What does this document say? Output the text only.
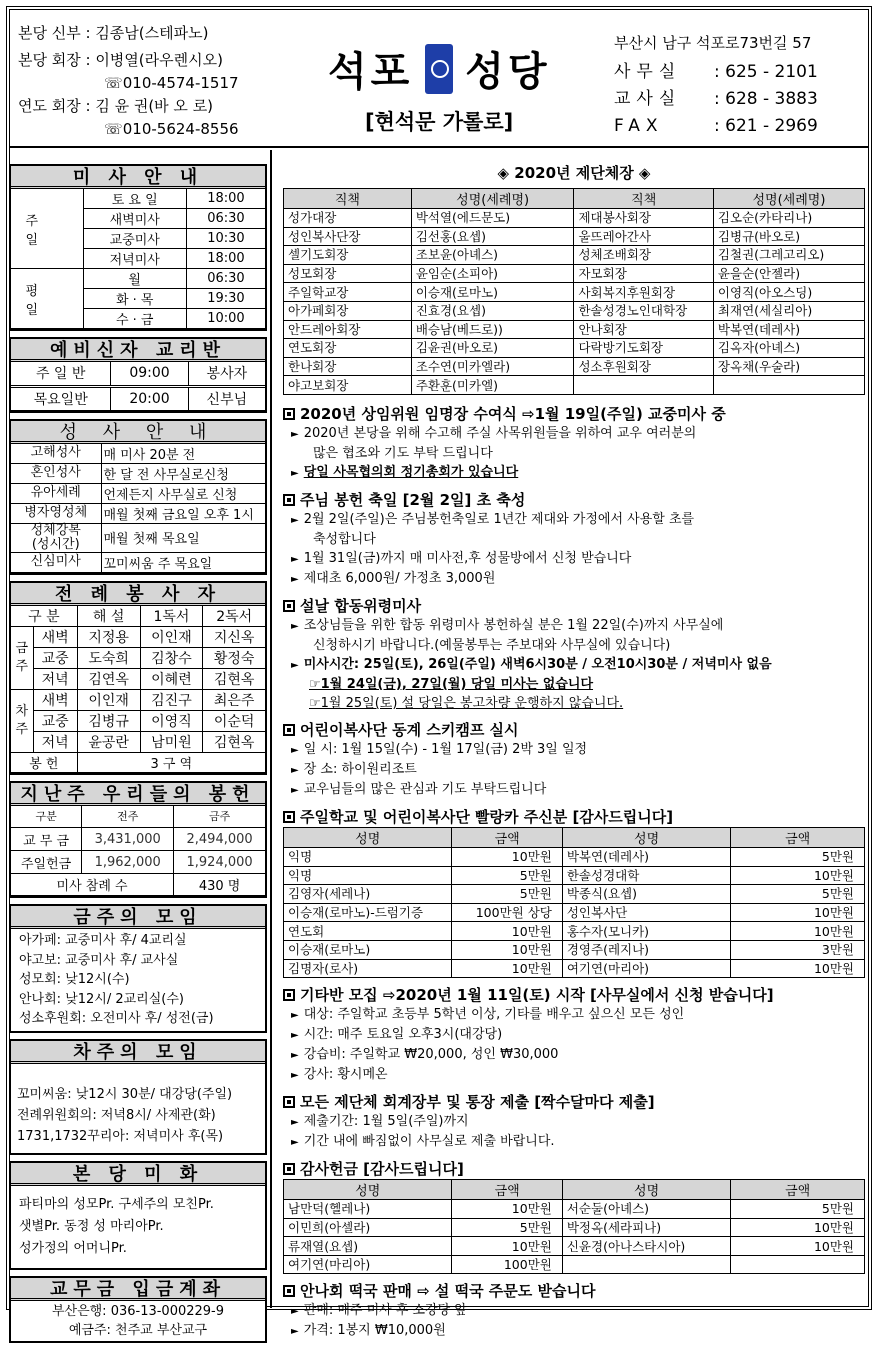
본당 신부 : 김종남(스테파노)
본당 회장 : 이병열(라우렌시오)
☏010-4574-1517
연도 회장 : 김 윤 권(바 오 로)
☏010-5624-8556
석포 성당
[현석문 가롤로]
부산시 남구 석포로73번길 57
사무실 : 625 - 2101
교사실 : 628 - 3883
FAX	: 621 - 2969
미 사 안 내
주 일	토 요 일	18:00
	새벽미사	06:30
	교중미사	10:30
	저녁미사	18:00
평 일	월	06:30
	화 · 목	19:30
	수 · 금	10:00
예비신자 교리반
주 일 반	09:00	봉사자
목요일반	20:00	신부님
성 사 안 내
고해성사	매 미사 20분 전
혼인성사	한 달 전 사무실로신청
유아세례	언제든지 사무실로 신청
병자영성체	매월 첫째 금요일 오후 1시
성체강복
(성시간)	매월 첫째 목요일
신심미사	꼬미씨움 주 목요일
전 례 봉 사 자
구 분		해 설	1독서	2독서
금
주	새벽	지정용	이인재	지신옥
	교중	도숙희	김창수	황정숙
	저녁	김연옥	이혜련	김현옥
차
주	새벽	이인재	김진구	최은주
	교중	김병규	이영직	이순덕
	저녁	윤공란	남미원	김현옥
봉 헌		3 구 역		
지난주 우리들의 봉헌
구분	전주	금주
교 무 금	3,431,000	2,494,000
주일헌금	1,962,000	1,924,000
미사 참례 수		430 명
금주의 모임
아가페: 교중미사 후/ 4교리실
야고보: 교중미사 후/ 교사실
성모회: 낮12시(수)
안나회: 낮12시/ 2교리실(수)
성소후원회: 오전미사 후/ 성전(금)
차주의 모임
꼬미씨움: 낮12시 30분/ 대강당(주일)
전례위원회의: 저녁8시/ 사제관(화)
1731,1732꾸리아: 저녁미사 후(목)
본 당 미 화
파티마의 성모Pr. 구세주의 모친Pr.
샛별Pr. 동정 성 마리아Pr.
성가정의 어머니Pr.
교무금 입금계좌
부산은행: 036-13-000229-9
예금주: 천주교 부산교구
◈ 2020년 제단체장 ◈
직책	성명(세례명)	직책	성명(세례명)
성가대장	박석열(에드문도)	제대봉사회장	김오순(카타리나)
성인복사단장	김선홍(요셉)	울뜨레아간사	김병규(바오로)
셀기도회장	조보윤(아녜스)	성체조배회장	김철권(그레고리오)
성모회장	윤임순(소피아)	자모회장	윤을순(안젤라)
주일학교장	이승재(로마노)	사회복지후원회장	이영직(아오스딩)
아가페회장	진효경(요셉)	한솔성경노인대학장	최재연(세실리아)
안드레아회장	배승남(베드로))	안나회장	박복연(데레사)
연도회장	김윤권(바오로)	다락방기도회장	김옥자(아녜스)
한나회장	조수연(미카엘라)	성소후원회장	장옥채(우술라)
야고보회장	주환훈(미카엘)		
2020년 상임위원 임명장 수여식 ⇨1월 19일(주일) 교중미사 중
► 2020년 본당을 위해 수고해 주실 사목위원들을 위하여 교우 여러분의
많은 협조와 기도 부탁 드립니다
► 당일 사목협의회 정기총회가 있습니다
주님 봉헌 축일 [2월 2일] 초 축성
► 2월 2일(주일)은 주님봉헌축일로 1년간 제대와 가정에서 사용할 초를
축성합니다
► 1월 31일(금)까지 매 미사전,후 성물방에서 신청 받습니다
► 제대초 6,000원/ 가정초 3,000원
설날 합동위령미사
► 조상님들을 위한 합동 위령미사 봉헌하실 분은 1월 22일(수)까지 사무실에
신청하시기 바랍니다.(예물봉투는 주보대와 사무실에 있습니다)
► 미사시간: 25일(토), 26일(주일) 새벽6시30분 / 오전10시30분 / 저녁미사 없음
☞1월 24일(금), 27일(월) 당일 미사는 없습니다
☞1월 25일(토) 설 당일은 봉고차량 운행하지 않습니다.
어린이복사단 동계 스키캠프 실시
► 일 시: 1월 15일(수) - 1월 17일(금) 2박 3일 일정
► 장 소: 하이원리조트
► 교우님들의 많은 관심과 기도 부탁드립니다
주일학교 및 어린이복사단 빨랑카 주신분 [감사드립니다]
성명	금액	성명	금액
익명	10만원	박복연(데레사)	5만원
익명	5만원	한솔성경대학	10만원
김영자(세레나)	5만원	박종식(요셉)	5만원
이승재(로마노)-드럼기증	100만원 상당	성인복사단	10만원
연도회	10만원	홍수자(모니카)	10만원
이승재(로마노)	10만원	경영주(레지나)	3만원
김명자(로사)	10만원	여기연(마리아)	10만원
기타반 모집 ⇨2020년 1월 11일(토) 시작 [사무실에서 신청 받습니다]
► 대상: 주일학교 초등부 5학년 이상, 기타를 배우고 싶으신 모든 성인
► 시간: 매주 토요일 오후3시(대강당)
► 강습비: 주일학교 ₩20,000, 성인 ₩30,000
► 강사: 황시메온
모든 제단체 회계장부 및 통장 제출 [짝수달마다 제출]
► 제출기간: 1월 5일(주일)까지
► 기간 내에 빠짐없이 사무실로 제출 바랍니다.
감사헌금 [감사드립니다]
성명	금액	성명	금액
남만덕(헬레나)	10만원	서순둘(아녜스)	5만원
이민희(아셀라)	5만원	박정옥(세라피나)	10만원
류재열(요셉)	10만원	신윤경(아나스타시아)	10만원
여기연(마리아)	100만원		
안나회 떡국 판매 ⇨ 설 떡국 주문도 받습니다
► 판매: 매주 미사 후 소강당 앞
► 가격: 1봉지 ₩10,000원
